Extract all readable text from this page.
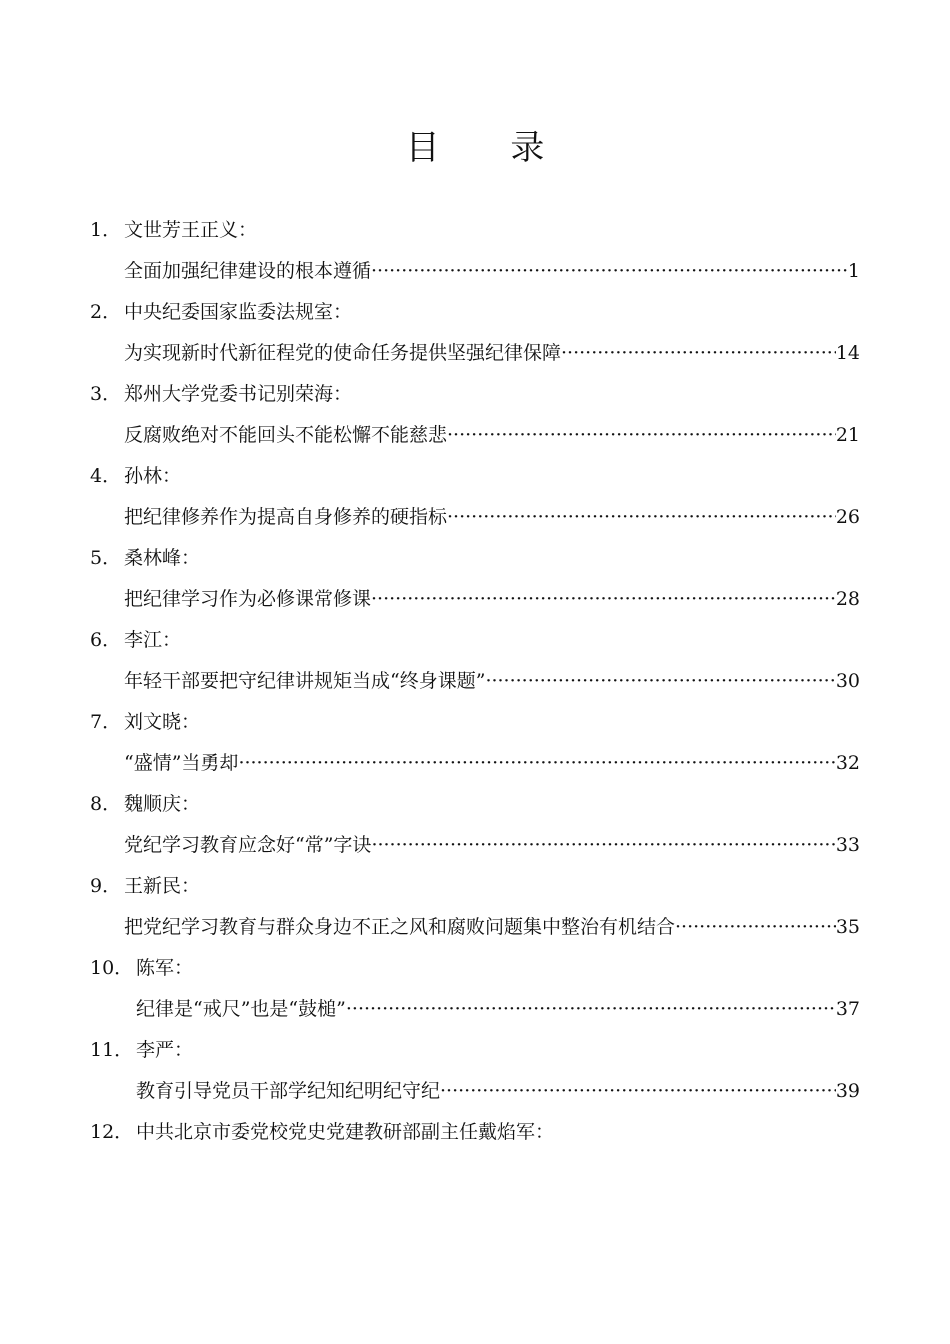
目 录
1． 文世芳王正义：
全面加强纪律建设的根本遵循 ·····	1
2． 中央纪委国家监委法规室：
为实现新时代新征程党的使命任务提供坚强纪律保障 ·····	14
3． 郑州大学党委书记别荣海：
反腐败绝对不能回头不能松懈不能慈悲 ·····	21
4． 孙林：
把纪律修养作为提高自身修养的硬指标 ·····	26
5． 桑林峰：
把纪律学习作为必修课常修课 ·····	28
6． 李江：
年轻干部要把守纪律讲规矩当成“终身课题” ·····	30
7． 刘文晓：
“盛情”当勇却 ·····	32
8． 魏顺庆：
党纪学习教育应念好“常”字诀 ·····	33
9． 王新民：
把党纪学习教育与群众身边不正之风和腐败问题集中整治有机结合 ·····	35
10． 陈军：
纪律是“戒尺”也是“鼓槌” ·····	37
11． 李严：
教育引导党员干部学纪知纪明纪守纪 ·····	39
12． 中共北京市委党校党史党建教研部副主任戴焰军：
